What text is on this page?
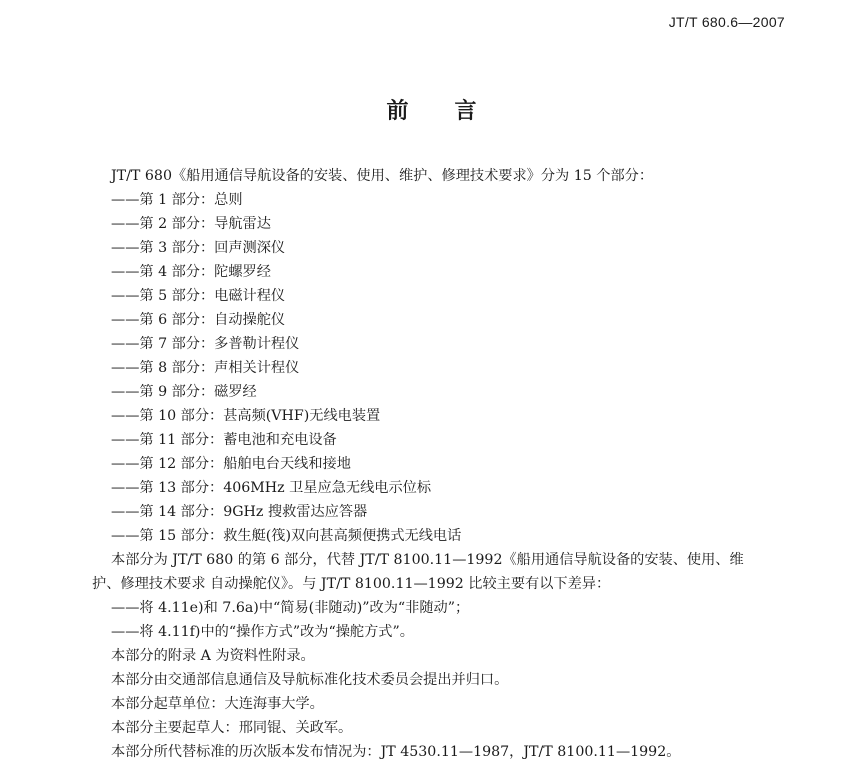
JT/T 680.6—2007
前言

JT/T 680《船用通信导航设备的安装、使用、维护、修理技术要求》分为 15 个部分：

——第 1 部分：总则

——第 2 部分：导航雷达

——第 3 部分：回声测深仪

——第 4 部分：陀螺罗经

——第 5 部分：电磁计程仪

——第 6 部分：自动操舵仪

——第 7 部分：多普勒计程仪

——第 8 部分：声相关计程仪

——第 9 部分：磁罗经

——第 10 部分：甚高频(VHF)无线电装置

——第 11 部分：蓄电池和充电设备

——第 12 部分：船舶电台天线和接地

——第 13 部分：406MHz 卫星应急无线电示位标

——第 14 部分：9GHz 搜救雷达应答器

——第 15 部分：救生艇(筏)双向甚高频便携式无线电话

本部分为 JT/T 680 的第 6 部分，代替 JT/T 8100.11—1992《船用通信导航设备的安装、使用、维

护、修理技术要求 自动操舵仪》。与 JT/T 8100.11—1992 比较主要有以下差异：

——将 4.11e)和 7.6a)中“简易(非随动)”改为“非随动”；

——将 4.11f)中的“操作方式”改为“操舵方式”。

本部分的附录 A 为资料性附录。

本部分由交通部信息通信及导航标准化技术委员会提出并归口。

本部分起草单位：大连海事大学。

本部分主要起草人：邢同锟、关政军。

本部分所代替标准的历次版本发布情况为：JT 4530.11—1987，JT/T 8100.11—1992。
